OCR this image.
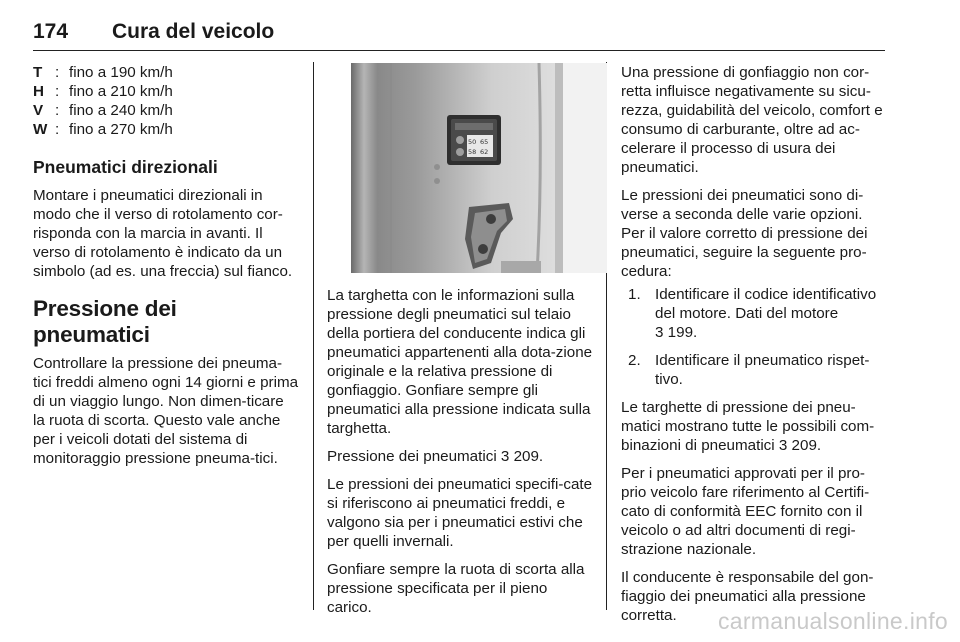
174 Cura del veicolo
T : fino a 190 km/h
H : fino a 210 km/h
V : fino a 240 km/h
W : fino a 270 km/h
Pneumatici direzionali

Montare i pneumatici direzionali in modo che il verso di rotolamento cor-risponda con la marcia in avanti. Il verso di rotolamento è indicato da un simbolo (ad es. una freccia) sul fianco.

Pressione dei pneumatici

Controllare la pressione dei pneuma-tici freddi almeno ogni 14 giorni e prima di un viaggio lungo. Non dimen-ticare la ruota di scorta. Questo vale anche per i veicoli dotati del sistema di monitoraggio pressione pneuma-tici.

50 65
58 62

La targhetta con le informazioni sulla pressione degli pneumatici sul telaio della portiera del conducente indica gli pneumatici appartenenti alla dota-zione originale e la relativa pressione di gonfiaggio. Gonfiare sempre gli pneumatici alla pressione indicata sulla targhetta.

Pressione dei pneumatici 3 209.

Le pressioni dei pneumatici specifi-cate si riferiscono ai pneumatici freddi, e valgono sia per i pneumatici estivi che per quelli invernali.

Gonfiare sempre la ruota di scorta alla pressione specificata per il pieno carico.

Una pressione di gonfiaggio non cor-retta influisce negativamente su sicu-rezza, guidabilità del veicolo, comfort e consumo di carburante, oltre ad ac-celerare il processo di usura dei pneumatici.

Le pressioni dei pneumatici sono di-verse a seconda delle varie opzioni. Per il valore corretto di pressione dei pneumatici, seguire la seguente pro-cedura:

1. Identificare il codice identificativo del motore. Dati del motore
3 199.
2. Identificare il pneumatico rispet-tivo.

Le targhette di pressione dei pneu-matici mostrano tutte le possibili com-binazioni di pneumatici 3 209.

Per i pneumatici approvati per il pro-prio veicolo fare riferimento al Certifi-cato di conformità EEC fornito con il veicolo o ad altri documenti di regi-strazione nazionale.

Il conducente è responsabile del gon-fiaggio dei pneumatici alla pressione corretta.	carmanualsonline.info
